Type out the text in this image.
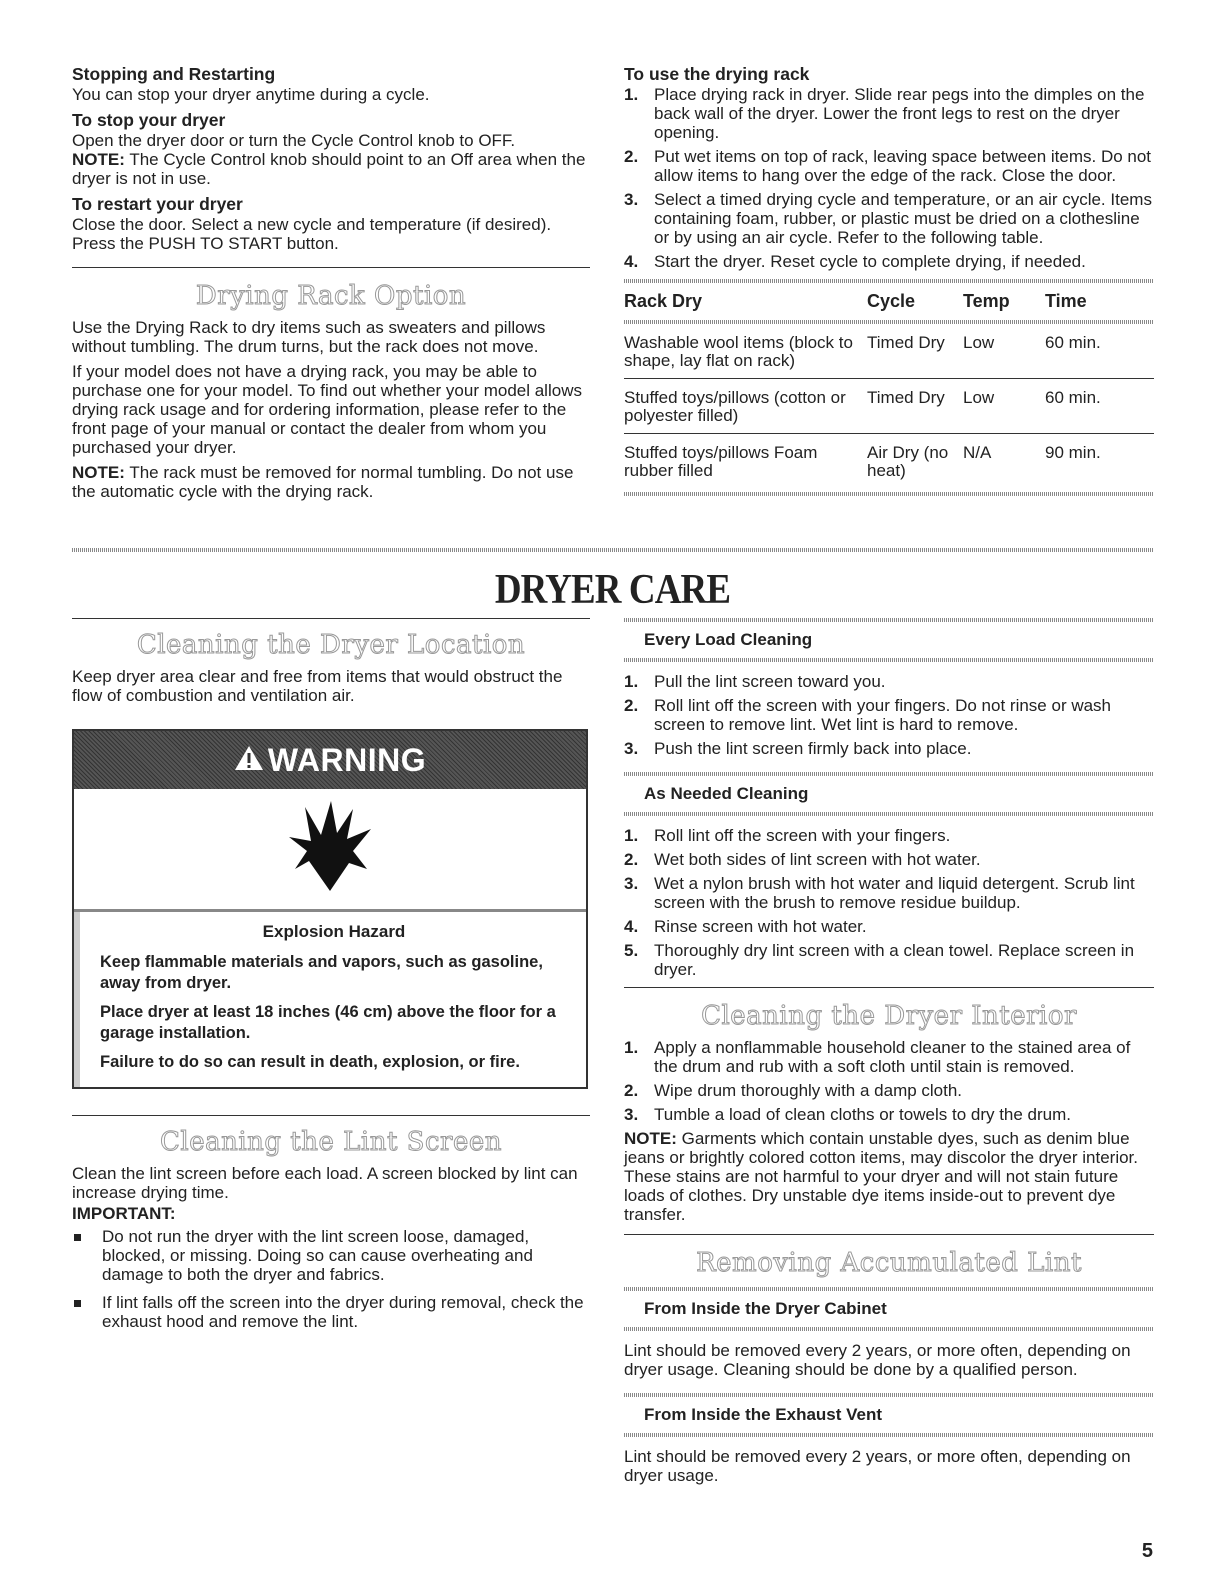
Stopping and Restarting

You can stop your dryer anytime during a cycle.

To stop your dryer

Open the dryer door or turn the Cycle Control knob to OFF.

NOTE: The Cycle Control knob should point to an Off area when the dryer is not in use.

To restart your dryer

Close the door. Select a new cycle and temperature (if desired). Press the PUSH TO START button.

Drying Rack Option

Use the Drying Rack to dry items such as sweaters and pillows without tumbling. The drum turns, but the rack does not move.

If your model does not have a drying rack, you may be able to purchase one for your model. To find out whether your model allows drying rack usage and for ordering information, please refer to the front page of your manual or contact the dealer from whom you purchased your dryer.

NOTE: The rack must be removed for normal tumbling. Do not use the automatic cycle with the drying rack.

To use the drying rack

1. Place drying rack in dryer. Slide rear pegs into the dimples on the back wall of the dryer. Lower the front legs to rest on the dryer opening.
2. Put wet items on top of rack, leaving space between items. Do not allow items to hang over the edge of the rack. Close the door.
3. Select a timed drying cycle and temperature, or an air cycle. Items containing foam, rubber, or plastic must be dried on a clothesline or by using an air cycle. Refer to the following table.
4. Start the dryer. Reset cycle to complete drying, if needed.
Rack Dry	Cycle	Temp	Time

Washable wool items (block to shape, lay flat on rack)	Timed Dry	Low	60 min.
Stuffed toys/pillows (cotton or polyester filled)	Timed Dry	Low	60 min.
Stuffed toys/pillows Foam rubber filled	Air Dry (no heat)	N/A	90 min.
DRYER CARE
Cleaning the Dryer Location

Keep dryer area clear and free from items that would obstruct the flow of combustion and ventilation air.

WARNING
Explosion Hazard
Keep flammable materials and vapors, such as gasoline, away from dryer.
Place dryer at least 18 inches (46 cm) above the floor for a garage installation.
Failure to do so can result in death, explosion, or fire.
Cleaning the Lint Screen

Clean the lint screen before each load. A screen blocked by lint can increase drying time.

IMPORTANT:

Do not run the dryer with the lint screen loose, damaged, blocked, or missing. Doing so can cause overheating and damage to both the dryer and fabrics.
If lint falls off the screen into the dryer during removal, check the exhaust hood and remove the lint.
Every Load Cleaning
1. Pull the lint screen toward you.
2. Roll lint off the screen with your fingers. Do not rinse or wash screen to remove lint. Wet lint is hard to remove.
3. Push the lint screen firmly back into place.
As Needed Cleaning
1. Roll lint off the screen with your fingers.
2. Wet both sides of lint screen with hot water.
3. Wet a nylon brush with hot water and liquid detergent. Scrub lint screen with the brush to remove residue buildup.
4. Rinse screen with hot water.
5. Thoroughly dry lint screen with a clean towel. Replace screen in dryer.
Cleaning the Dryer Interior
1. Apply a nonflammable household cleaner to the stained area of the drum and rub with a soft cloth until stain is removed.
2. Wipe drum thoroughly with a damp cloth.
3. Tumble a load of clean cloths or towels to dry the drum.

NOTE: Garments which contain unstable dyes, such as denim blue jeans or brightly colored cotton items, may discolor the dryer interior. These stains are not harmful to your dryer and will not stain future loads of clothes. Dry unstable dye items inside-out to prevent dye transfer.

Removing Accumulated Lint
From Inside the Dryer Cabinet

Lint should be removed every 2 years, or more often, depending on dryer usage. Cleaning should be done by a qualified person.

From Inside the Exhaust Vent

Lint should be removed every 2 years, or more often, depending on dryer usage.

5
